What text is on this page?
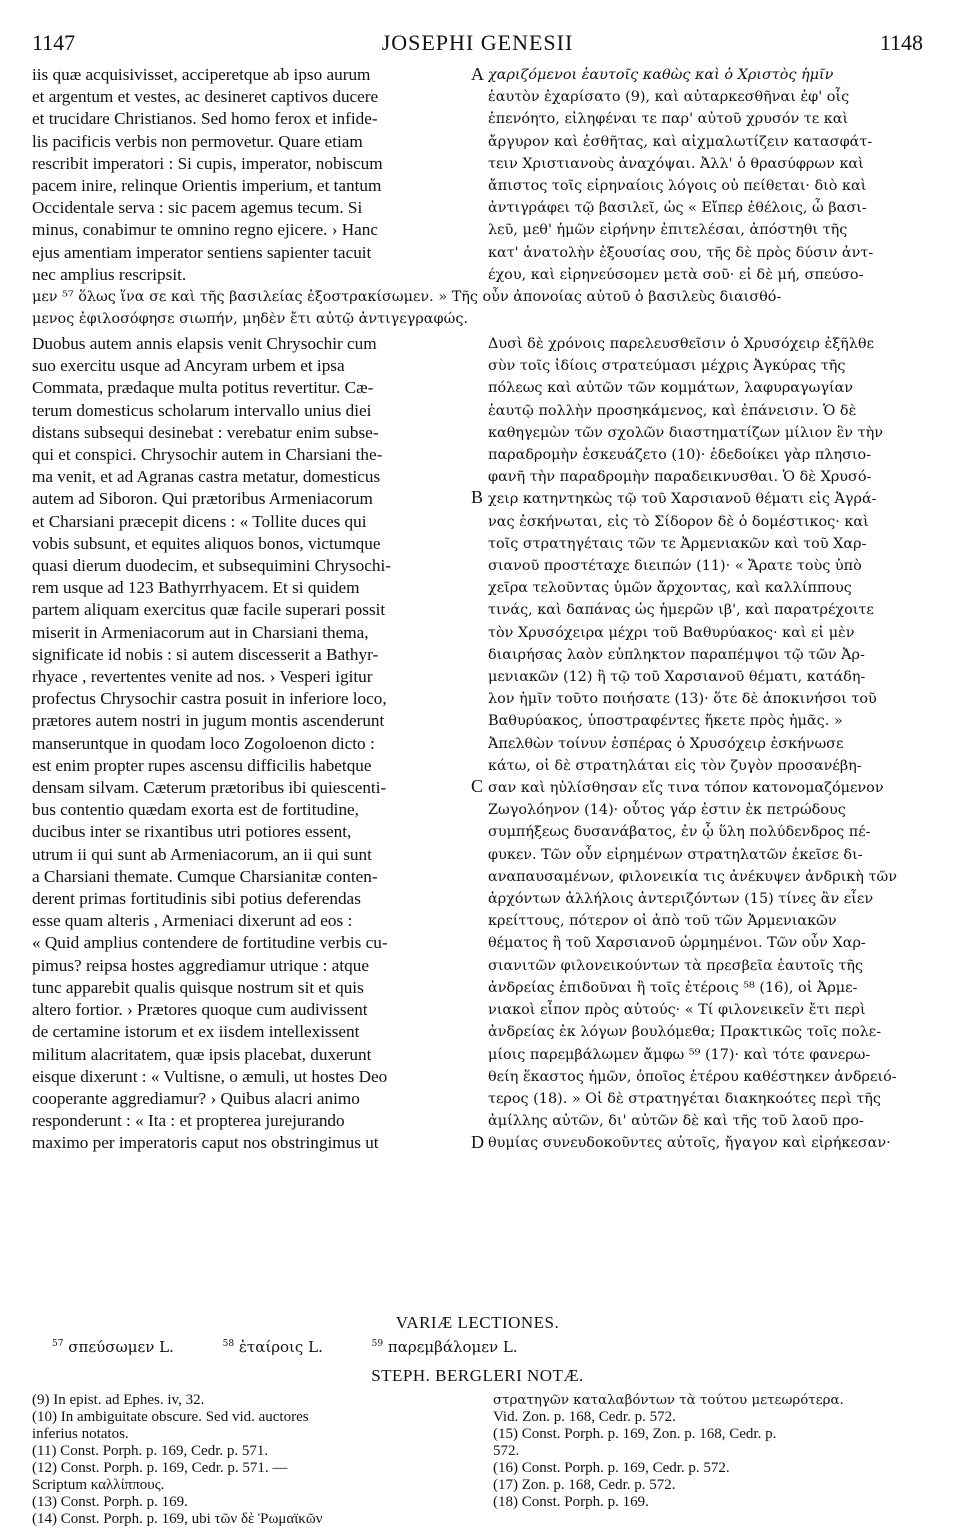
1147	JOSEPHI GENESII	1148
A
B
C
D

iis quæ acquisivisset, acciperetque ab ipso aurum

et argentum et vestes, ac desineret captivos ducere

et trucidare Christianos. Sed homo ferox et infide-

lis pacificis verbis non permovetur. Quare etiam

rescribit imperatori : Si cupis, imperator, nobiscum

pacem inire, relinque Orientis imperium, et tantum

Occidentale serva : sic pacem agemus tecum. Si

minus, conabimur te omnino regno ejicere. › Hanc

ejus amentiam imperator sentiens sapienter tacuit

nec amplius rescripsit.

χαριζόμενοι ἑαυτοῖς καθὼς καὶ ὁ Χριστὸς ἡμῖν

ἑαυτὸν ἐχαρίσατο (9), καὶ αὐταρκεσθῆναι ἐφ' οἷς

ἐπενόητο, εἰληφέναι τε παρ' αὐτοῦ χρυσόν τε καὶ

ἄργυρον καὶ ἐσθῆτας, καὶ αἰχμαλωτίζειν κατασφάτ-

τειν Χριστιανοὺς ἀναχόψαι. Ἀλλ' ὁ θρασύφρων καὶ

ἄπιστος τοῖς εἰρηναίοις λόγοις οὐ πείθεται· διὸ καὶ

ἀντιγράφει τῷ βασιλεῖ, ὡς « Εἴπερ ἐθέλοις, ὦ βασι-

λεῦ, μεθ' ἡμῶν εἰρήνην ἐπιτελέσαι, ἀπόστηθι τῆς

κατ' ἀνατολὴν ἐξουσίας σου, τῆς δὲ πρὸς δύσιν ἀντ-

έχου, καὶ εἰρηνεύσομεν μετὰ σοῦ· εἰ δὲ μή, σπεύσο-

μεν ⁵⁷ ὅλως ἵνα σε καὶ τῆς βασιλείας ἐξοστρακίσωμεν. » Τῆς οὖν ἀπονοίας αὐτοῦ ὁ βασιλεὺς διαισθό-

μενος ἐφιλοσόφησε σιωπήν, μηδὲν ἔτι αὐτῷ ἀντιγεγραφώς.

Duobus autem annis elapsis venit Chrysochir cum

suo exercitu usque ad Ancyram urbem et ipsa

Commata, prædaque multa potitus revertitur. Cæ-

terum domesticus scholarum intervallo unius diei

distans subsequi desinebat : verebatur enim subse-

qui et conspici. Chrysochir autem in Charsiani the-

ma venit, et ad Agranas castra metatur, domesticus

autem ad Siboron. Qui prætoribus Armeniacorum

et Charsiani præcepit dicens : « Tollite duces qui

vobis subsunt, et equites aliquos bonos, victumque

quasi dierum duodecim, et subsequimini Chrysochi-

rem usque ad 123 Bathyrrhyacem. Et si quidem

partem aliquam exercitus quæ facile superari possit

miserit in Armeniacorum aut in Charsiani thema,

significate id nobis : si autem discesserit a Bathyr-

rhyace , revertentes venite ad nos. › Vesperi igitur

profectus Chrysochir castra posuit in inferiore loco,

prætores autem nostri in jugum montis ascenderunt

manseruntque in quodam loco Zogoloenon dicto :

est enim propter rupes ascensu difficilis habetque

densam silvam. Cæterum prætoribus ibi quiescenti-

bus contentio quædam exorta est de fortitudine,

ducibus inter se rixantibus utri potiores essent,

utrum ii qui sunt ab Armeniacorum, an ii qui sunt

a Charsiani themate. Cumque Charsianitæ conten-

derent primas fortitudinis sibi potius deferendas

esse quam alteris , Armeniaci dixerunt ad eos :

« Quid amplius contendere de fortitudine verbis cu-

pimus? reipsa hostes aggrediamur utrique : atque

tunc apparebit qualis quisque nostrum sit et quis

altero fortior. › Prætores quoque cum audivissent

de certamine istorum et ex iisdem intellexissent

militum alacritatem, quæ ipsis placebat, duxerunt

eisque dixerunt : « Vultisne, o æmuli, ut hostes Deo

cooperante aggrediamur? › Quibus alacri animo

responderunt : « Ita : et propterea jurejurando

maximo per imperatoris caput nos obstringimus ut

Δυσὶ δὲ χρόνοις παρελευσθεῖσιν ὁ Χρυσόχειρ ἐξῆλθε

σὺν τοῖς ἰδίοις στρατεύμασι μέχρις Ἀγκύρας τῆς

πόλεως καὶ αὐτῶν τῶν κομμάτων, λαφυραγωγίαν

ἑαυτῷ πολλὴν προσηκάμενος, καὶ ἐπάνεισιν. Ὁ δὲ

καθηγεμὼν τῶν σχολῶν διαστηματίζων μίλιον ἓν τὴν

παραδρομὴν ἐσκευάζετο (10)· ἐδεδοίκει γὰρ πλησιο-

φανῆ τὴν παραδρομὴν παραδεικνυσθαι. Ὁ δὲ Χρυσό-

χειρ κατηντηκὼς τῷ τοῦ Χαρσιανοῦ θέματι εἰς Ἀγρά-

νας ἐσκήνωται, εἰς τὸ Σίδορον δὲ ὁ δομέστικος· καὶ

τοῖς στρατηγέταις τῶν τε Ἀρμενιακῶν καὶ τοῦ Χαρ-

σιανοῦ προστέταχε διειπών (11)· « Ἄρατε τοὺς ὑπὸ

χεῖρα τελοῦντας ὑμῶν ἄρχοντας, καὶ καλλίππους

τινάς, καὶ δαπάνας ὡς ἡμερῶν ιβ', καὶ παρατρέχοιτε

τὸν Χρυσόχειρα μέχρι τοῦ Βαθυρύακος· καὶ εἰ μὲν

διαιρήσας λαὸν εὐπληκτον παραπέμψοι τῷ τῶν Ἀρ-

μενιακῶν (12) ἢ τῷ τοῦ Χαρσιανοῦ θέματι, κατάδη-

λον ἡμῖν τοῦτο ποιήσατε (13)· ὅτε δὲ ἀποκινήσοι τοῦ

Βαθυρύακος, ὑποστραφέντες ἥκετε πρὸς ἡμᾶς. »

Ἀπελθὼν τοίνυν ἑσπέρας ὁ Χρυσόχειρ ἐσκήνωσε

κάτω, οἱ δὲ στρατηλάται εἰς τὸν ζυγὸν προσανέβη-

σαν καὶ ηὐλίσθησαν εἴς τινα τόπον κατονομαζόμενον

Ζωγολόηνον (14)· οὗτος γάρ ἐστιν ἐκ πετρώδους

συμπήξεως δυσανάβατος, ἐν ᾧ ὕλη πολύδενδρος πέ-

φυκεν. Τῶν οὖν εἰρημένων στρατηλατῶν ἐκεῖσε δι-

αναπαυσαμένων, φιλονεικία τις ἀνέκυψεν ἀνδρικὴ τῶν

ἀρχόντων ἀλλήλοις ἀντεριζόντων (15) τίνες ἂν εἶεν

κρείττους, πότερον οἱ ἀπὸ τοῦ τῶν Ἀρμενιακῶν

θέματος ἢ τοῦ Χαρσιανοῦ ὡρμημένοι. Τῶν οὖν Χαρ-

σιανιτῶν φιλονεικούντων τὰ πρεσβεῖα ἑαυτοῖς τῆς

ἀνδρείας ἐπιδοῦναι ἢ τοῖς ἑτέροις ⁵⁸ (16), οἱ Ἀρμε-

νιακοὶ εἶπον πρὸς αὐτούς· « Τί φιλονεικεῖν ἔτι περὶ

ἀνδρείας ἐκ λόγων βουλόμεθα; Πρακτικῶς τοῖς πολε-

μίοις παρεμβάλωμεν ἄμφω ⁵⁹ (17)· καὶ τότε φανερω-

θείη ἕκαστος ἡμῶν, ὁποῖος ἑτέρου καθέστηκεν ἀνδρειό-

τερος (18). » Οἱ δὲ στρατηγέται διακηκοότες περὶ τῆς

ἀμίλλης αὐτῶν, δι' αὐτῶν δὲ καὶ τῆς τοῦ λαοῦ προ-

θυμίας συνευδοκοῦντες αὐτοῖς, ἤγαγον καὶ εἰρήκεσαν·

VARIÆ LECTIONES.
$^{57}$ σπεύσωμεν L.	$^{58}$ ἑταίροις L.	$^{59}$ παρεμβάλομεν L.
STEPH. BERGLERI NOTÆ.

(9) In epist. ad Ephes. iv, 32.

(10) In ambiguitate obscure. Sed vid. auctores

inferius notatos.

(11) Const. Porph. p. 169, Cedr. p. 571.

(12) Const. Porph. p. 169, Cedr. p. 571. —

Scriptum καλλίππους.

(13) Const. Porph. p. 169.

(14) Const. Porph. p. 169, ubi τῶν δὲ Ῥωμαϊκῶν

στρατηγῶν καταλαβόντων τὰ τούτου μετεωρότερα.

Vid. Zon. p. 168, Cedr. p. 572.

(15) Const. Porph. p. 169, Zon. p. 168, Cedr. p.

572.

(16) Const. Porph. p. 169, Cedr. p. 572.

(17) Zon. p. 168, Cedr. p. 572.

(18) Const. Porph. p. 169.
